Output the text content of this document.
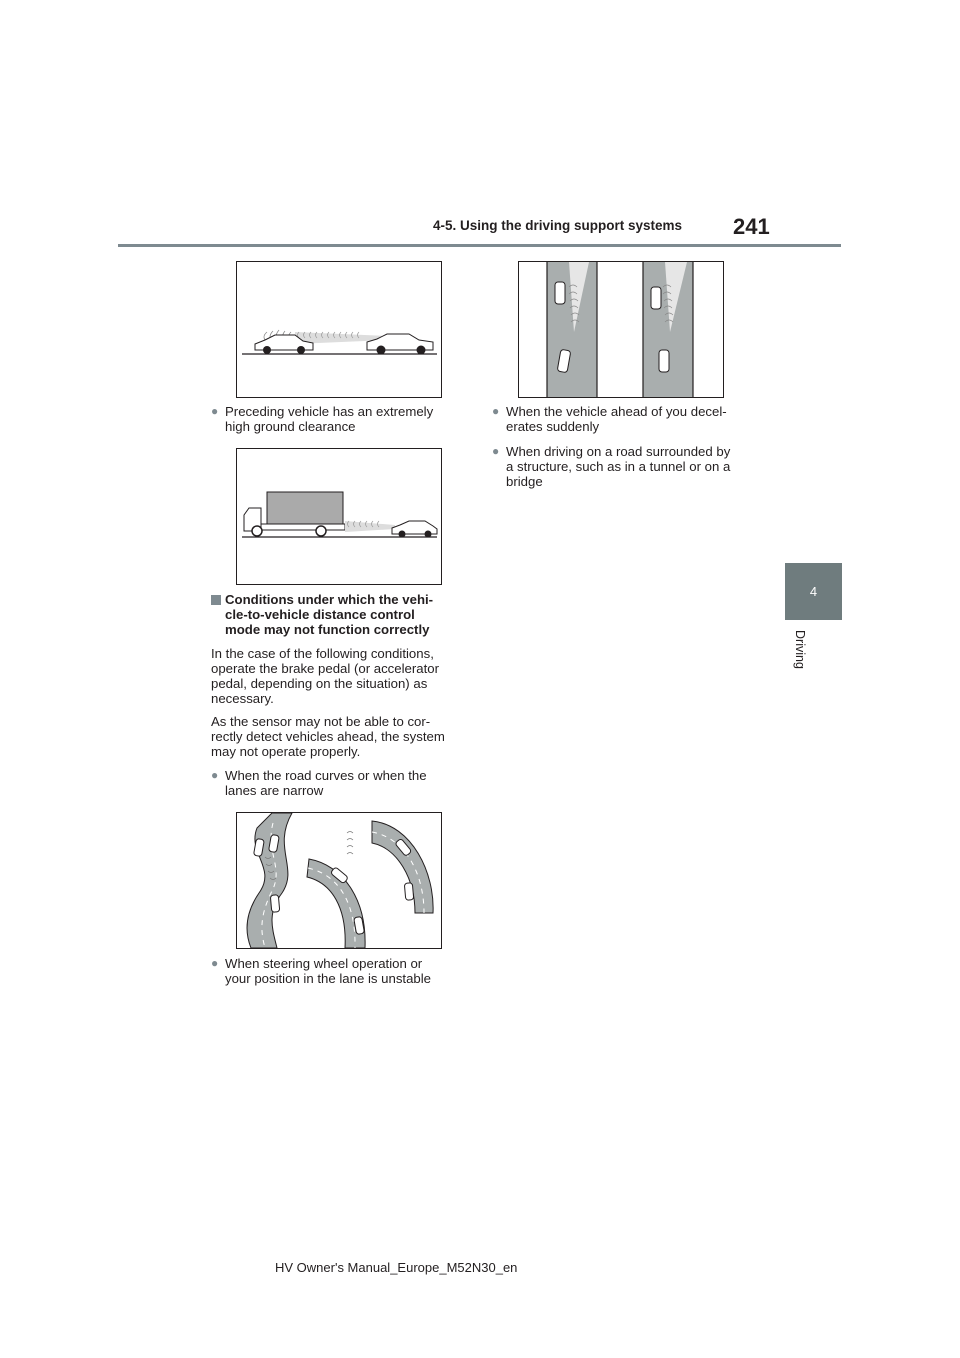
4-5. Using the driving support systems 241
4
Driving
● Preceding vehicle has an extremely
high ground clearance
Conditions under which the vehi-
cle-to-vehicle distance control
mode may not function correctly
In the case of the following conditions,
operate the brake pedal (or accelerator
pedal, depending on the situation) as
necessary.
As the sensor may not be able to cor-
rectly detect vehicles ahead, the system
may not operate properly.
● When the road curves or when the
lanes are narrow
● When steering wheel operation or
your position in the lane is unstable
● When the vehicle ahead of you decel-
erates suddenly
● When driving on a road surrounded by
a structure, such as in a tunnel or on a
bridge
HV Owner's Manual_Europe_M52N30_en
